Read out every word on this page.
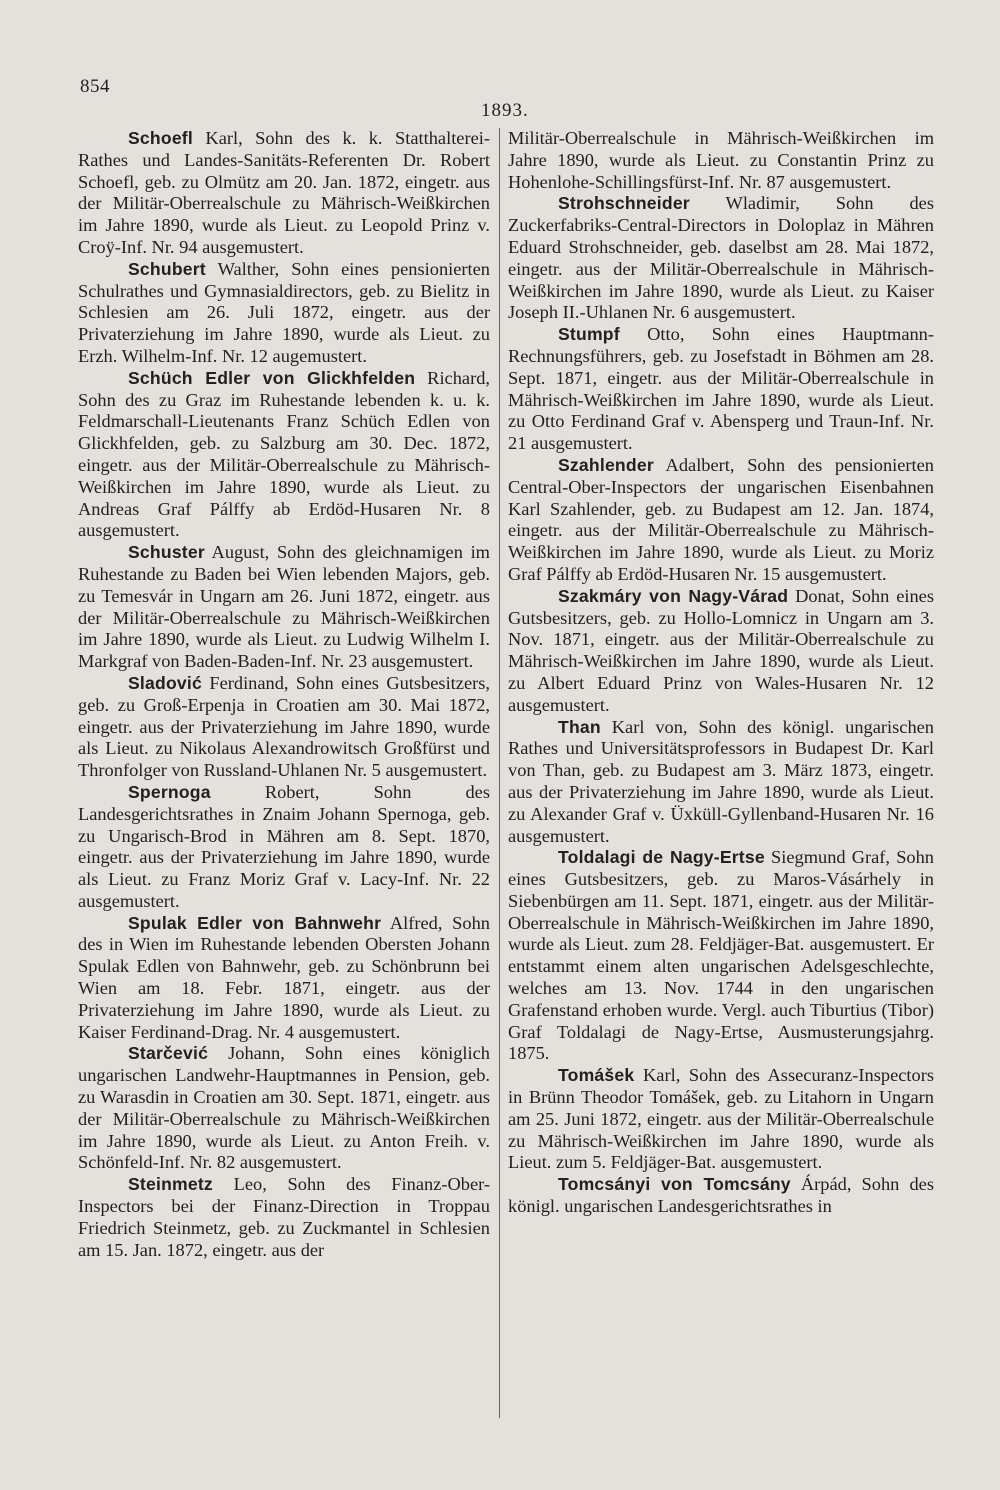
854
1893.

Schoefl Karl, Sohn des k. k. Statthalterei-Rathes und Landes-Sanitäts-Referenten Dr. Robert Schoefl, geb. zu Olmütz am 20. Jan. 1872, eingetr. aus der Militär-Oberrealschule zu Mährisch-Weißkirchen im Jahre 1890, wurde als Lieut. zu Leopold Prinz v. Croÿ-Inf. Nr. 94 ausgemustert.

Schubert Walther, Sohn eines pensionierten Schulrathes und Gymnasialdirectors, geb. zu Bielitz in Schlesien am 26. Juli 1872, eingetr. aus der Privaterziehung im Jahre 1890, wurde als Lieut. zu Erzh. Wilhelm-Inf. Nr. 12 augemustert.

Schüch Edler von Glickhfelden Richard, Sohn des zu Graz im Ruhestande lebenden k. u. k. Feldmarschall-Lieutenants Franz Schüch Edlen von Glickhfelden, geb. zu Salzburg am 30. Dec. 1872, eingetr. aus der Militär-Oberrealschule zu Mährisch-Weißkirchen im Jahre 1890, wurde als Lieut. zu Andreas Graf Pálffy ab Erdöd-Husaren Nr. 8 ausgemustert.

Schuster August, Sohn des gleichnamigen im Ruhestande zu Baden bei Wien lebenden Majors, geb. zu Temesvár in Ungarn am 26. Juni 1872, eingetr. aus der Militär-Oberrealschule zu Mährisch-Weißkirchen im Jahre 1890, wurde als Lieut. zu Ludwig Wilhelm I. Markgraf von Baden-Baden-Inf. Nr. 23 ausgemustert.

Sladović Ferdinand, Sohn eines Gutsbesitzers, geb. zu Groß-Erpenja in Croatien am 30. Mai 1872, eingetr. aus der Privaterziehung im Jahre 1890, wurde als Lieut. zu Nikolaus Alexandrowitsch Großfürst und Thronfolger von Russland-Uhlanen Nr. 5 ausgemustert.

Spernoga Robert, Sohn des Landesgerichtsrathes in Znaim Johann Spernoga, geb. zu Ungarisch-Brod in Mähren am 8. Sept. 1870, eingetr. aus der Privaterziehung im Jahre 1890, wurde als Lieut. zu Franz Moriz Graf v. Lacy-Inf. Nr. 22 ausgemustert.

Spulak Edler von Bahnwehr Alfred, Sohn des in Wien im Ruhestande lebenden Obersten Johann Spulak Edlen von Bahnwehr, geb. zu Schönbrunn bei Wien am 18. Febr. 1871, eingetr. aus der Privaterziehung im Jahre 1890, wurde als Lieut. zu Kaiser Ferdinand-Drag. Nr. 4 ausgemustert.

Starčević Johann, Sohn eines königlich ungarischen Landwehr-Hauptmannes in Pension, geb. zu Warasdin in Croatien am 30. Sept. 1871, eingetr. aus der Militär-Oberrealschule zu Mährisch-Weißkirchen im Jahre 1890, wurde als Lieut. zu Anton Freih. v. Schönfeld-Inf. Nr. 82 ausgemustert.

Steinmetz Leo, Sohn des Finanz-Ober-Inspectors bei der Finanz-Direction in Troppau Friedrich Steinmetz, geb. zu Zuckmantel in Schlesien am 15. Jan. 1872, eingetr. aus der

Militär-Oberrealschule in Mährisch-Weißkirchen im Jahre 1890, wurde als Lieut. zu Constantin Prinz zu Hohenlohe-Schillingsfürst-Inf. Nr. 87 ausgemustert.

Strohschneider Wladimir, Sohn des Zuckerfabriks-Central-Directors in Doloplaz in Mähren Eduard Strohschneider, geb. daselbst am 28. Mai 1872, eingetr. aus der Militär-Oberrealschule in Mährisch-Weißkirchen im Jahre 1890, wurde als Lieut. zu Kaiser Joseph II.-Uhlanen Nr. 6 ausgemustert.

Stumpf Otto, Sohn eines Hauptmann-Rechnungsführers, geb. zu Josefstadt in Böhmen am 28. Sept. 1871, eingetr. aus der Militär-Oberrealschule in Mährisch-Weißkirchen im Jahre 1890, wurde als Lieut. zu Otto Ferdinand Graf v. Abensperg und Traun-Inf. Nr. 21 ausgemustert.

Szahlender Adalbert, Sohn des pensionierten Central-Ober-Inspectors der ungarischen Eisenbahnen Karl Szahlender, geb. zu Budapest am 12. Jan. 1874, eingetr. aus der Militär-Oberrealschule zu Mährisch-Weißkirchen im Jahre 1890, wurde als Lieut. zu Moriz Graf Pálffy ab Erdöd-Husaren Nr. 15 ausgemustert.

Szakmáry von Nagy-Várad Donat, Sohn eines Gutsbesitzers, geb. zu Hollo-Lomnicz in Ungarn am 3. Nov. 1871, eingetr. aus der Militär-Oberrealschule zu Mährisch-Weißkirchen im Jahre 1890, wurde als Lieut. zu Albert Eduard Prinz von Wales-Husaren Nr. 12 ausgemustert.

Than Karl von, Sohn des königl. ungarischen Rathes und Universitätsprofessors in Budapest Dr. Karl von Than, geb. zu Budapest am 3. März 1873, eingetr. aus der Privaterziehung im Jahre 1890, wurde als Lieut. zu Alexander Graf v. Üxküll-Gyllenband-Husaren Nr. 16 ausgemustert.

Toldalagi de Nagy-Ertse Siegmund Graf, Sohn eines Gutsbesitzers, geb. zu Maros-Vásárhely in Siebenbürgen am 11. Sept. 1871, eingetr. aus der Militär-Oberrealschule in Mährisch-Weißkirchen im Jahre 1890, wurde als Lieut. zum 28. Feldjäger-Bat. ausgemustert. Er entstammt einem alten ungarischen Adelsgeschlechte, welches am 13. Nov. 1744 in den ungarischen Grafenstand erhoben wurde. Vergl. auch Tiburtius (Tibor) Graf Toldalagi de Nagy-Ertse, Ausmusterungsjahrg. 1875.

Tomášek Karl, Sohn des Assecuranz-Inspectors in Brünn Theodor Tomášek, geb. zu Litahorn in Ungarn am 25. Juni 1872, eingetr. aus der Militär-Oberrealschule zu Mährisch-Weißkirchen im Jahre 1890, wurde als Lieut. zum 5. Feldjäger-Bat. ausgemustert.

Tomcsányi von Tomcsány Árpád, Sohn des königl. ungarischen Landesgerichtsrathes in
